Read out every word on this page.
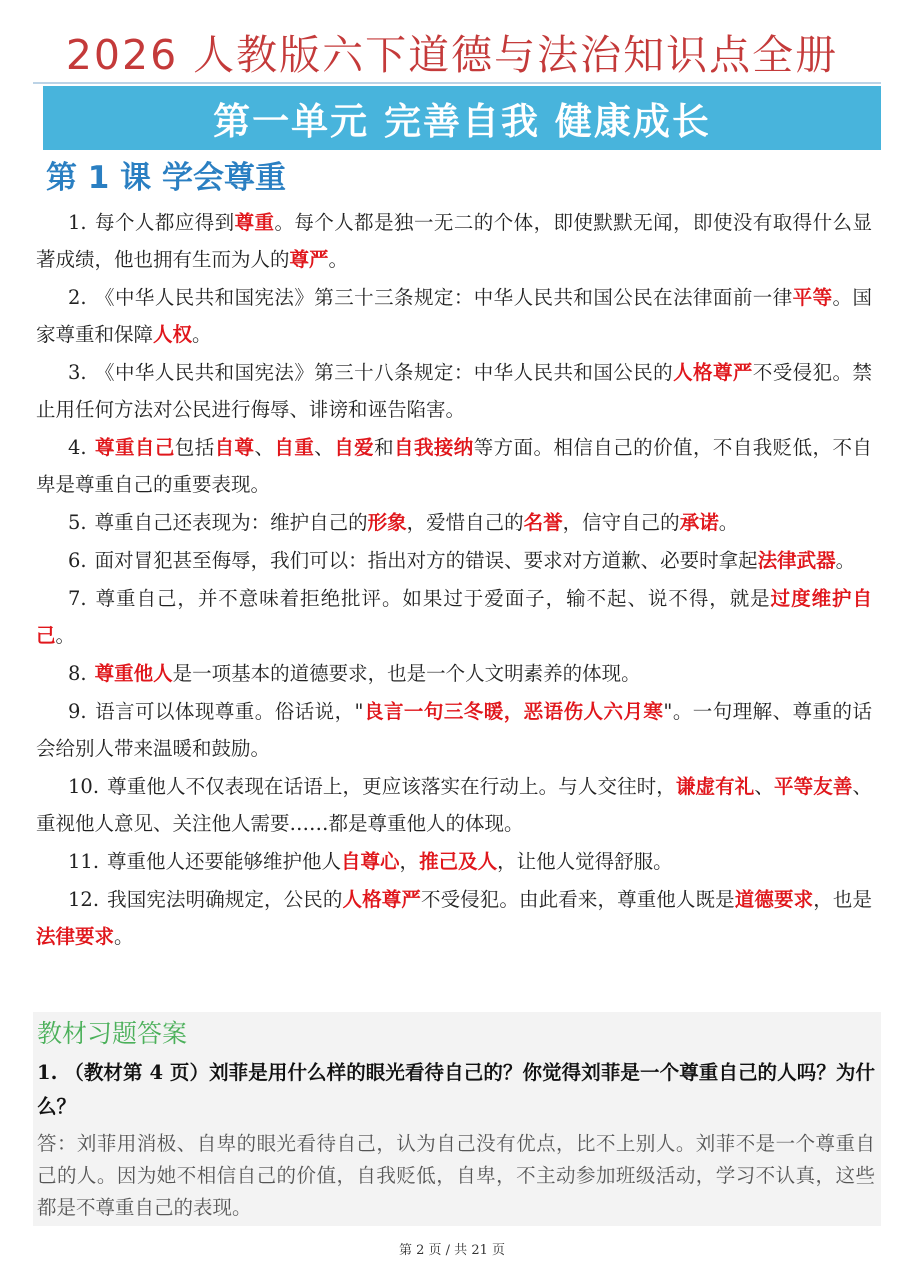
2026 人教版六下道德与法治知识点全册
第一单元 完善自我 健康成长
第 1 课 学会尊重
1. 每个人都应得到尊重。每个人都是独一无二的个体，即使默默无闻，即使没有取得什么显著成绩，他也拥有生而为人的尊严。
2. 《中华人民共和国宪法》第三十三条规定：中华人民共和国公民在法律面前一律平等。国家尊重和保障人权。
3. 《中华人民共和国宪法》第三十八条规定：中华人民共和国公民的人格尊严不受侵犯。禁止用任何方法对公民进行侮辱、诽谤和诬告陷害。
4. 尊重自己包括自尊、自重、自爱和自我接纳等方面。相信自己的价值，不自我贬低，不自卑是尊重自己的重要表现。
5. 尊重自己还表现为：维护自己的形象，爱惜自己的名誉，信守自己的承诺。
6. 面对冒犯甚至侮辱，我们可以：指出对方的错误、要求对方道歉、必要时拿起法律武器。
7. 尊重自己，并不意味着拒绝批评。如果过于爱面子，输不起、说不得，就是过度维护自己。
8. 尊重他人是一项基本的道德要求，也是一个人文明素养的体现。
9. 语言可以体现尊重。俗话说，"良言一句三冬暖，恶语伤人六月寒"。一句理解、尊重的话会给别人带来温暖和鼓励。
10. 尊重他人不仅表现在话语上，更应该落实在行动上。与人交往时，谦虚有礼、平等友善、重视他人意见、关注他人需要……都是尊重他人的体现。
11. 尊重他人还要能够维护他人自尊心，推己及人，让他人觉得舒服。
12. 我国宪法明确规定，公民的人格尊严不受侵犯。由此看来，尊重他人既是道德要求，也是法律要求。
教材习题答案
1. （教材第 4 页）刘菲是用什么样的眼光看待自己的？你觉得刘菲是一个尊重自己的人吗？为什么？
答：刘菲用消极、自卑的眼光看待自己，认为自己没有优点，比不上别人。刘菲不是一个尊重自己的人。因为她不相信自己的价值，自我贬低，自卑，不主动参加班级活动，学习不认真，这些都是不尊重自己的表现。
第 2 页 / 共 21 页
